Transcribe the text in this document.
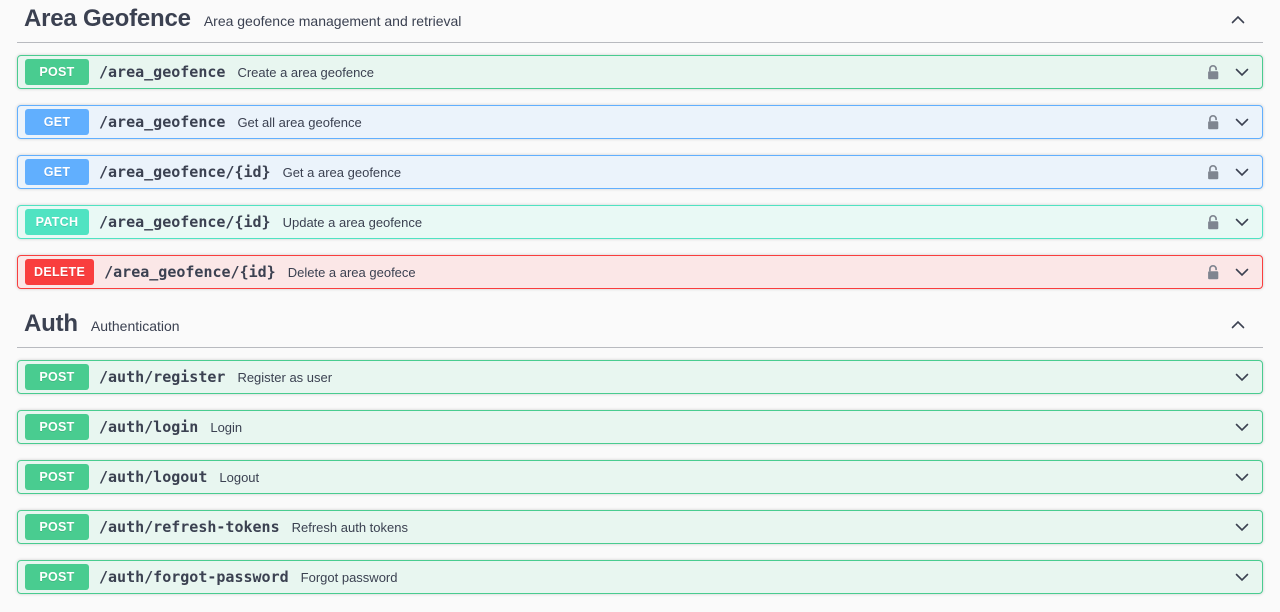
Area Geofence Area geofence management and retrieval
POST	/area_geofence Create a area geofence
GET	/area_geofence Get all area geofence
GET	/area_geofence/{id} Get a area geofence
PATCH	/area_geofence/{id} Update a area geofence
DELETE	/area_geofence/{id} Delete a area geofece
Auth Authentication
POST	/auth/register Register as user
POST	/auth/login Login
POST	/auth/logout Logout
POST	/auth/refresh-tokens Refresh auth tokens
POST	/auth/forgot-password Forgot password
